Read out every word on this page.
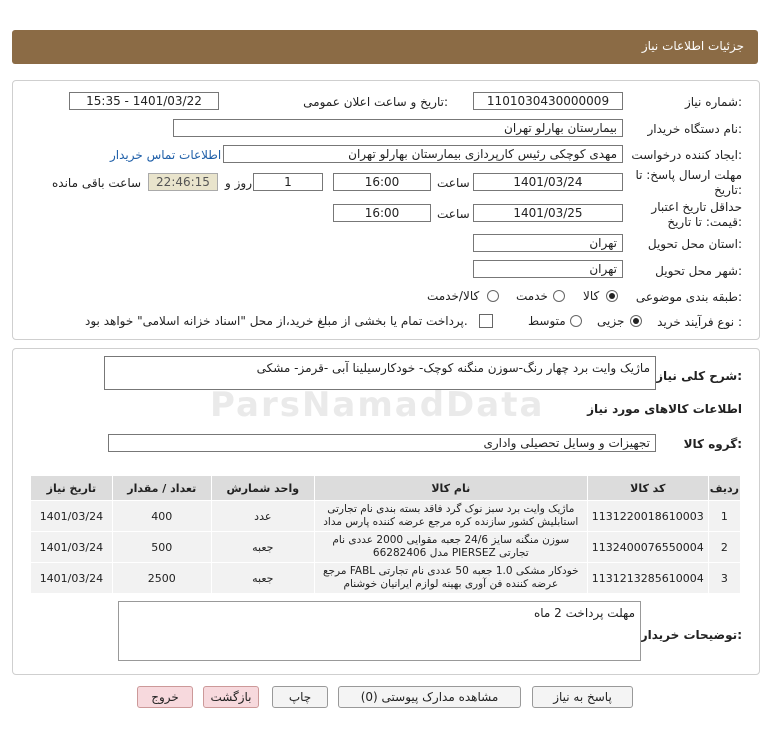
جزئیات اطلاعات نیاز
شماره نیاز:
1101030430000009
تاریخ و ساعت اعلان عمومی:
1401/03/22 - 15:35
نام دستگاه خریدار:
بیمارستان بهارلو تهران
ایجاد کننده درخواست:
مهدی کوچکی رئیس کارپردازی بیمارستان بهارلو تهران
اطلاعات تماس خریدار
مهلت ارسال پاسخ: تا
تاریخ:
1401/03/24
ساعت
16:00
1
روز و
22:46:15
ساعت باقی مانده
حداقل تاریخ اعتبار
قیمت: تا تاریخ:
1401/03/25
ساعت
16:00
استان محل تحویل:
تهران
شهر محل تحویل:
تهران
طبقه بندی موضوعی:
کالا
خدمت
کالا/خدمت
نوع فرآیند خرید :
جزیی
متوسط
پرداخت تمام یا بخشی از مبلغ خرید،از محل "اسناد خزانه اسلامی" خواهد بود.
شرح کلی نیاز:
ماژیک وایت برد چهار رنگ-سوزن منگنه کوچک- خودکارسیلینا آبی -قرمز- مشکی
ParsNamadData	اطلاعات کالاهای مورد نیاز
گروه کالا:
تجهیزات و وسایل تحصیلی واداری
ردیف	کد کالا	نام کالا	واحد شمارش	تعداد / مقدار	تاریخ نیاز
1	1131220018610003	ماژیک وایت برد سبز نوک گرد فاقد بسته بندی نام تجارتی استابلیش کشور سازنده کره مرجع عرضه کننده پارس مداد	عدد	400	1401/03/24
2	1132400076550004	سوزن منگنه سایز 24/6 جعبه مقوایی 2000 عددی نام تجارتی PIERSEZ مدل 66282406	جعبه	500	1401/03/24
3	1131213285610004	خودکار مشکی 1.0 جعبه 50 عددی نام تجارتی FABL مرجع عرضه کننده فن آوری بهینه لوازم ایرانیان خوشنام	جعبه	2500	1401/03/24
توضیحات خریدار:
مهلت پرداخت 2 ماه
پاسخ به نیاز
مشاهده مدارک پیوستی (0)
چاپ
بازگشت
خروج
